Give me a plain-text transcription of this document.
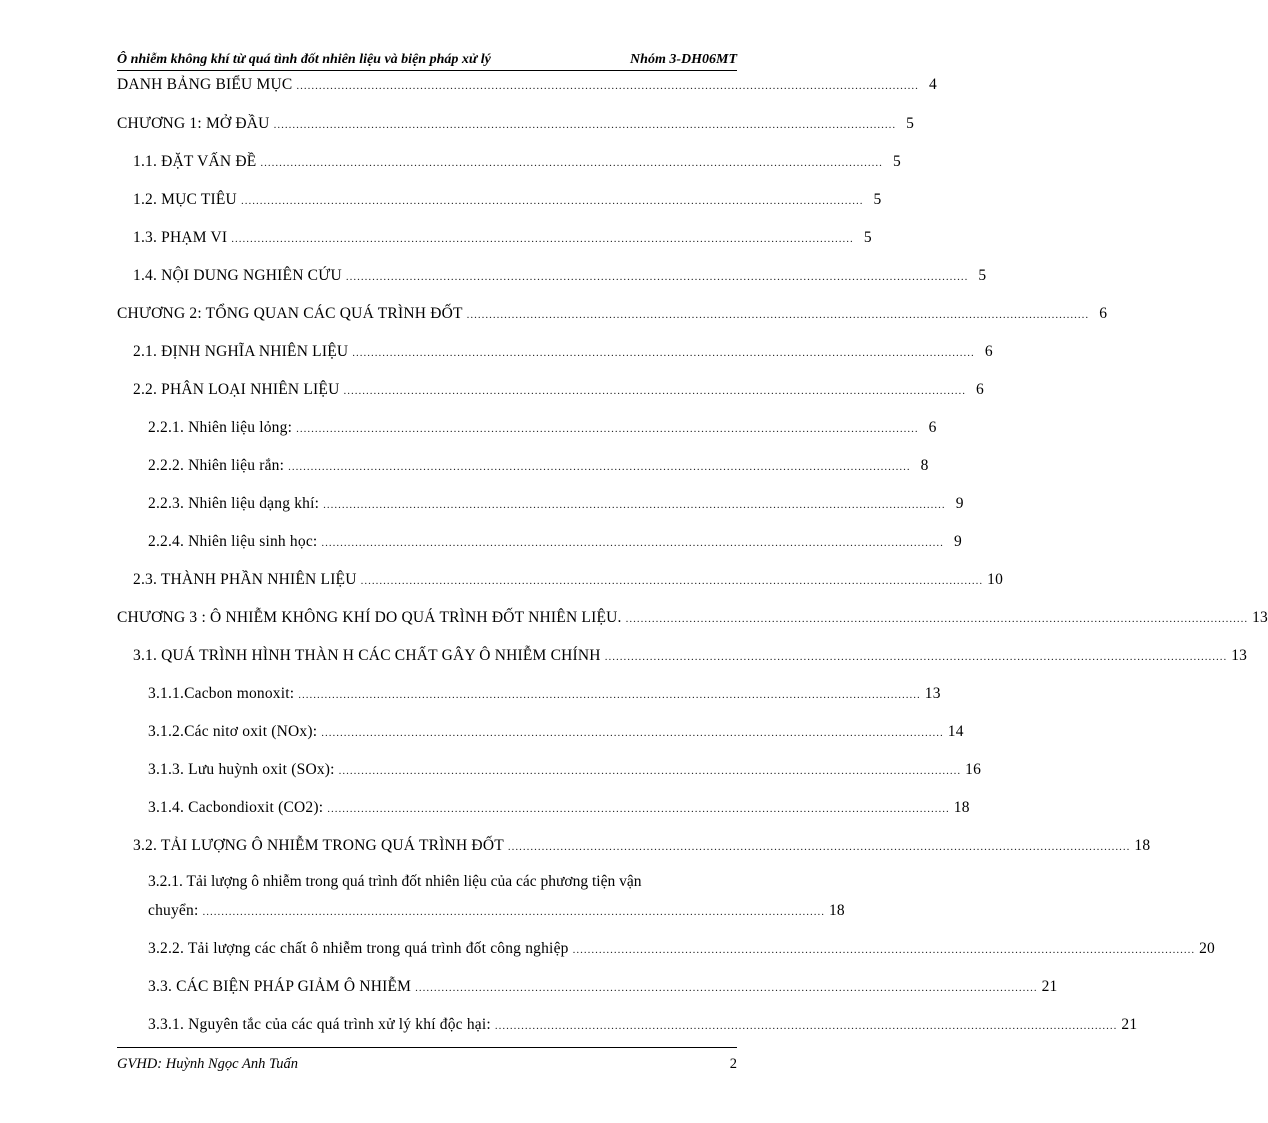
Ô nhiễm không khí từ quá tình đốt nhiên liệu và biện pháp xử lý	Nhóm 3-DH06MT
DANH BẢNG BIỂU MỤC ...................................................................................................................................................................... 4
CHƯƠNG 1: MỞ ĐẦU ...................................................................................................................................................................... 5
1.1. ĐẶT VẤN ĐỀ ...................................................................................................................................................................... 5
1.2. MỤC TIÊU ...................................................................................................................................................................... 5
1.3. PHẠM VI ...................................................................................................................................................................... 5
1.4. NỘI DUNG NGHIÊN CỨU ...................................................................................................................................................................... 5
CHƯƠNG 2: TỔNG QUAN CÁC QUÁ TRÌNH ĐỐT ...................................................................................................................................................................... 6
2.1. ĐỊNH NGHĨA NHIÊN LIỆU ...................................................................................................................................................................... 6
2.2. PHÂN LOẠI NHIÊN LIỆU ...................................................................................................................................................................... 6
2.2.1. Nhiên liệu lỏng: ...................................................................................................................................................................... 6
2.2.2. Nhiên liệu rắn: ...................................................................................................................................................................... 8
2.2.3. Nhiên liệu dạng khí: ...................................................................................................................................................................... 9
2.2.4. Nhiên liệu sinh học: ...................................................................................................................................................................... 9
2.3. THÀNH PHẦN NHIÊN LIỆU ...................................................................................................................................................................... 10
CHƯƠNG 3 : Ô NHIỄM KHÔNG KHÍ DO QUÁ TRÌNH ĐỐT NHIÊN LIỆU. ...................................................................................................................................................................... 13
3.1. QUÁ TRÌNH HÌNH THÀN H CÁC CHẤT GÂY Ô NHIỄM CHÍNH ...................................................................................................................................................................... 13
3.1.1.Cacbon monoxit: ...................................................................................................................................................................... 13
3.1.2.Các nitơ oxit (NOx): ...................................................................................................................................................................... 14
3.1.3. Lưu huỳnh oxit (SOx): ...................................................................................................................................................................... 16
3.1.4. Cacbondioxit (CO2): ...................................................................................................................................................................... 18
3.2. TẢI LƯỢNG Ô NHIỄM TRONG QUÁ TRÌNH ĐỐT ...................................................................................................................................................................... 18
3.2.1. Tải lượng ô nhiễm trong quá trình đốt nhiên liệu của các phương tiện vận
chuyển: ...................................................................................................................................................................... 18
3.2.2. Tải lượng các chất ô nhiễm trong quá trình đốt công nghiệp ...................................................................................................................................................................... 20
3.3. CÁC BIỆN PHÁP GIẢM Ô NHIỄM ...................................................................................................................................................................... 21
3.3.1. Nguyên tắc của các quá trình xử lý khí độc hại: ...................................................................................................................................................................... 21
GVHD: Huỳnh Ngọc Anh Tuấn	2
